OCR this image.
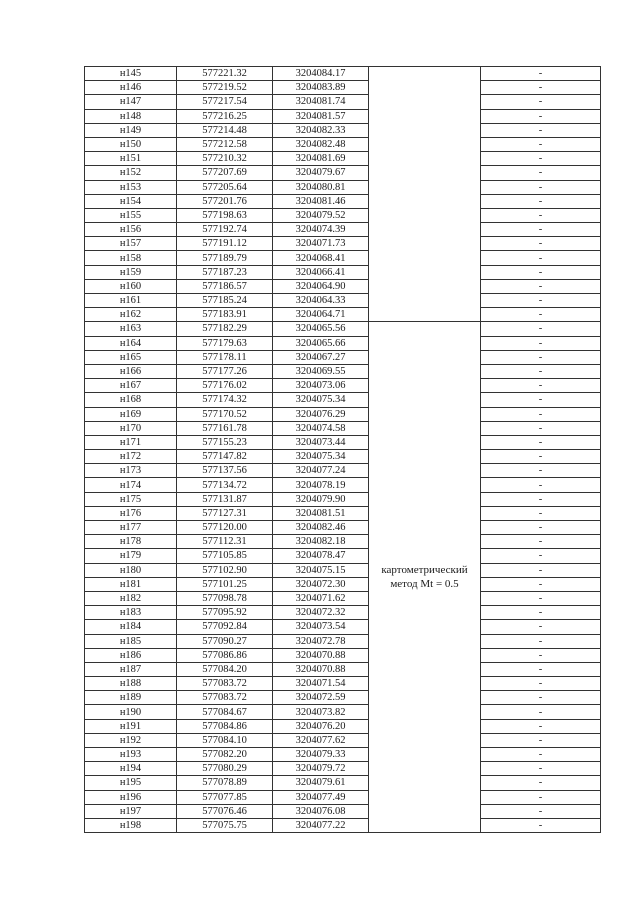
н145	577221.32	3204084.17		-
н146	577219.52	3204083.89		-
н147	577217.54	3204081.74		-
н148	577216.25	3204081.57		-
н149	577214.48	3204082.33		-
н150	577212.58	3204082.48		-
н151	577210.32	3204081.69		-
н152	577207.69	3204079.67		-
н153	577205.64	3204080.81		-
н154	577201.76	3204081.46		-
н155	577198.63	3204079.52		-
н156	577192.74	3204074.39		-
н157	577191.12	3204071.73		-
н158	577189.79	3204068.41		-
н159	577187.23	3204066.41		-
н160	577186.57	3204064.90		-
н161	577185.24	3204064.33		-
н162	577183.91	3204064.71		-
н163	577182.29	3204065.56	картометрический метод Mt = 0.5	-
н164	577179.63	3204065.66		-
н165	577178.11	3204067.27		-
н166	577177.26	3204069.55		-
н167	577176.02	3204073.06		-
н168	577174.32	3204075.34		-
н169	577170.52	3204076.29		-
н170	577161.78	3204074.58		-
н171	577155.23	3204073.44		-
н172	577147.82	3204075.34		-
н173	577137.56	3204077.24		-
н174	577134.72	3204078.19		-
н175	577131.87	3204079.90		-
н176	577127.31	3204081.51		-
н177	577120.00	3204082.46		-
н178	577112.31	3204082.18		-
н179	577105.85	3204078.47		-
н180	577102.90	3204075.15		-
н181	577101.25	3204072.30		-
н182	577098.78	3204071.62		-
н183	577095.92	3204072.32		-
н184	577092.84	3204073.54		-
н185	577090.27	3204072.78		-
н186	577086.86	3204070.88		-
н187	577084.20	3204070.88		-
н188	577083.72	3204071.54		-
н189	577083.72	3204072.59		-
н190	577084.67	3204073.82		-
н191	577084.86	3204076.20		-
н192	577084.10	3204077.62		-
н193	577082.20	3204079.33		-
н194	577080.29	3204079.72		-
н195	577078.89	3204079.61		-
н196	577077.85	3204077.49		-
н197	577076.46	3204076.08		-
н198	577075.75	3204077.22		-
